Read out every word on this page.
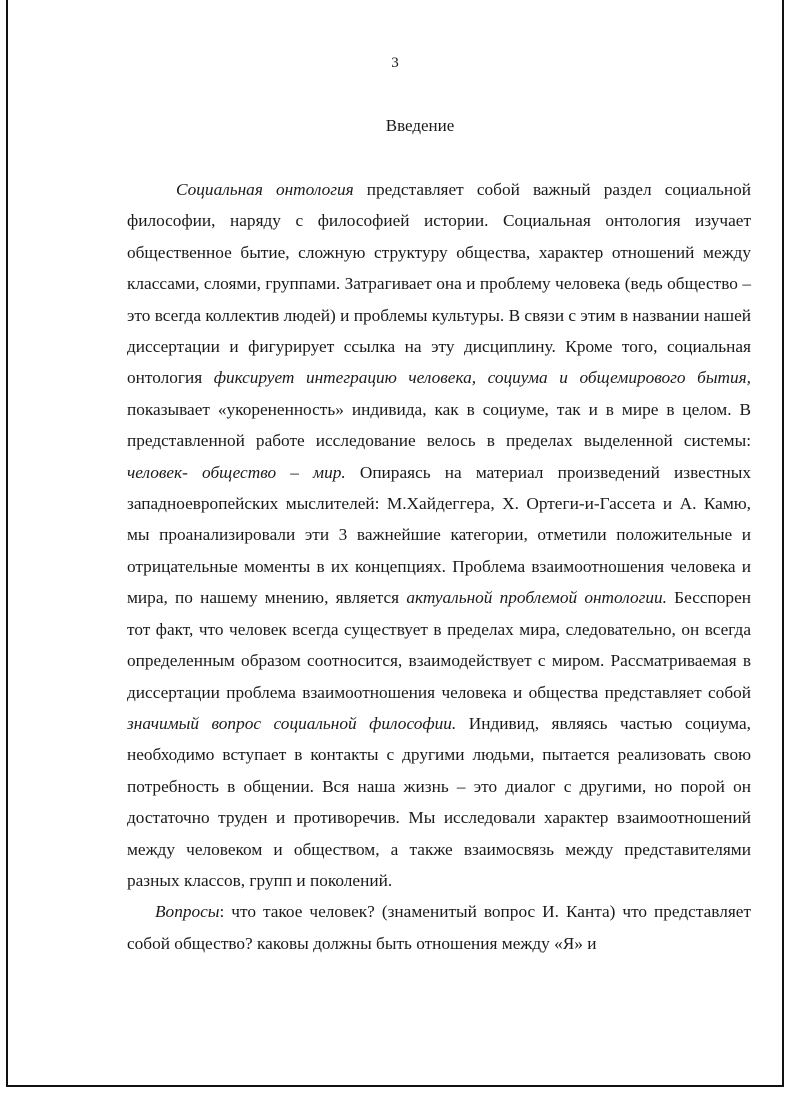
3
Введение

Социальная онтология представляет собой важный раздел социальной философии, наряду с философией истории. Социальная онтология изучает общественное бытие, сложную структуру общества, характер отношений между классами, слоями, группами. Затрагивает она и проблему человека (ведь общество – это всегда коллектив людей) и проблемы культуры. В связи с этим в названии нашей диссертации и фигурирует ссылка на эту дисциплину. Кроме того, социальная онтология фиксирует интеграцию человека, социума и общемирового бытия, показывает «укорененность» индивида, как в социуме, так и в мире в целом. В представленной работе исследование велось в пределах выделенной системы: человек- общество – мир. Опираясь на материал произведений известных западноевропейских мыслителей: М.Хайдеггера, Х. Ортеги-и-Гассета и А. Камю, мы проанализировали эти 3 важнейшие категории, отметили положительные и отрицательные моменты в их концепциях. Проблема взаимоотношения человека и мира, по нашему мнению, является актуальной проблемой онтологии. Бесспорен тот факт, что человек всегда существует в пределах мира, следовательно, он всегда определенным образом соотносится, взаимодействует с миром. Рассматриваемая в диссертации проблема взаимоотношения человека и общества представляет собой значимый вопрос социальной философии. Индивид, являясь частью социума, необходимо вступает в контакты с другими людьми, пытается реализовать свою потребность в общении. Вся наша жизнь – это диалог с другими, но порой он достаточно труден и противоречив. Мы исследовали характер взаимоотношений между человеком и обществом, а также взаимосвязь между представителями разных классов, групп и поколений.

Вопросы: что такое человек? (знаменитый вопрос И. Канта) что представляет собой общество? каковы должны быть отношения между «Я» и
